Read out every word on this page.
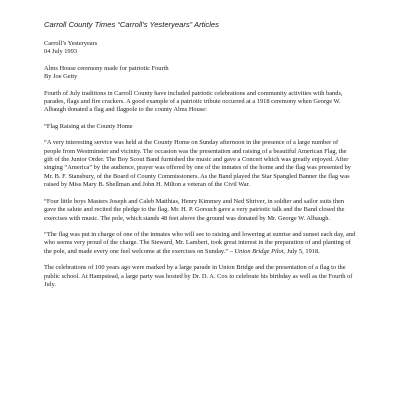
Carroll County Times “Carroll’s Yesteryears” Articles
Carroll’s Yesteryears
04 July 1993
Alms House ceremony made for patriotic Fourth
By Joe Getty

Fourth of July traditions in Carroll County have included patriotic celebrations and community activities with bands, parades, flags and fire crackers. A good example of a patriotic tribute occurred at a 1918 ceremony when George W. Albaugh donated a flag and flagpole to the county Alms House:

“Flag Raising at the County Home

“A very interesting service was held at the County Home on Sunday afternoon in the presence of a large number of people from Westminster and vicinity. The occasion was the presentation and raising of a beautiful American Flag, the gift of the Junior Order. The Boy Scout Band furnished the music and gave a Concert which was greatly enjoyed. After singing “America” by the audience, prayer was offered by one of the inmates of the home and the flag was presented by Mr. B. F. Stansbury, of the Board of County Commissioners. As the Band played the Star Spangled Banner the flag was raised by Miss Mary B. Shellman and John H. Milton a veteran of the Civil War.

“Four little boys Masters Joseph and Caleb Matthias, Henry Kimmey and Ned Shriver, in soldier and sailor suits then gave the salute and recited the pledge to the flag. Mr. H. P. Gorsuch gave a very patriotic talk and the Band closed the exercises with music. The pole, which stands 48 feet above the ground was donated by Mr. George W. Albaugh.

“The flag was put in charge of one of the inmates who will see to raising and lowering at sunrise and sunset each day, and who seems very proud of the charge. The Steward, Mr. Lambert, took great interest in the preparation of and planting of the pole, and made every one feel welcome at the exercises on Sunday.” – Union Bridge Pilot, July 5, 1918.

The celebrations of 100 years ago were marked by a large parade in Union Bridge and the presentation of a flag to the public school. At Hampstead, a large party was hosted by Dr. D. A. Cox to celebrate his birthday as well as the Fourth of July.
